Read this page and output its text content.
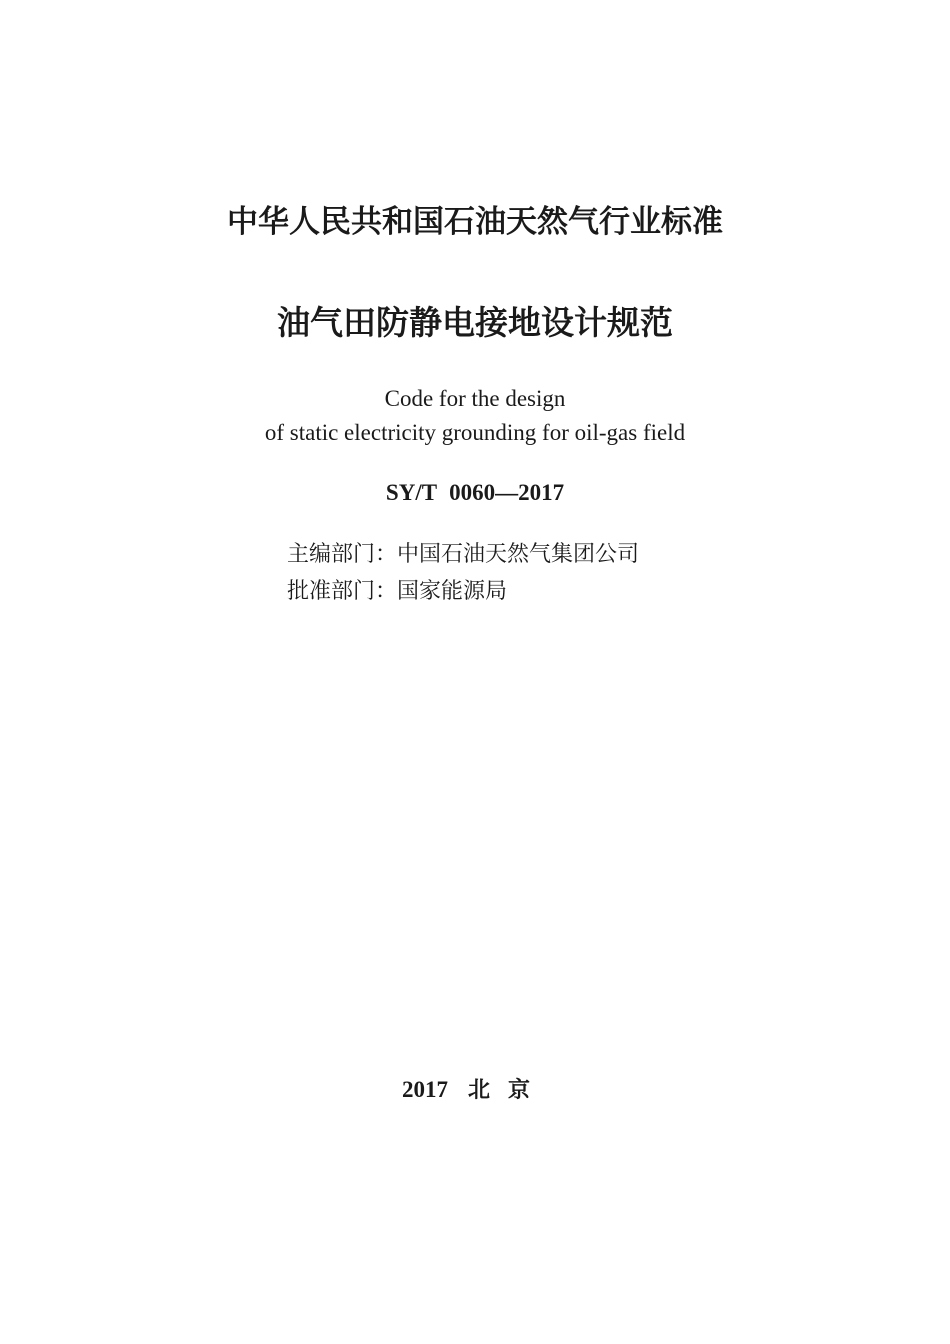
中华人民共和国石油天然气行业标准
油气田防静电接地设计规范
Code for the design
of static electricity grounding for oil-gas field
SY/T 0060—2017
主编部门：中国石油天然气集团公司
批准部门：国家能源局
2017 北京
